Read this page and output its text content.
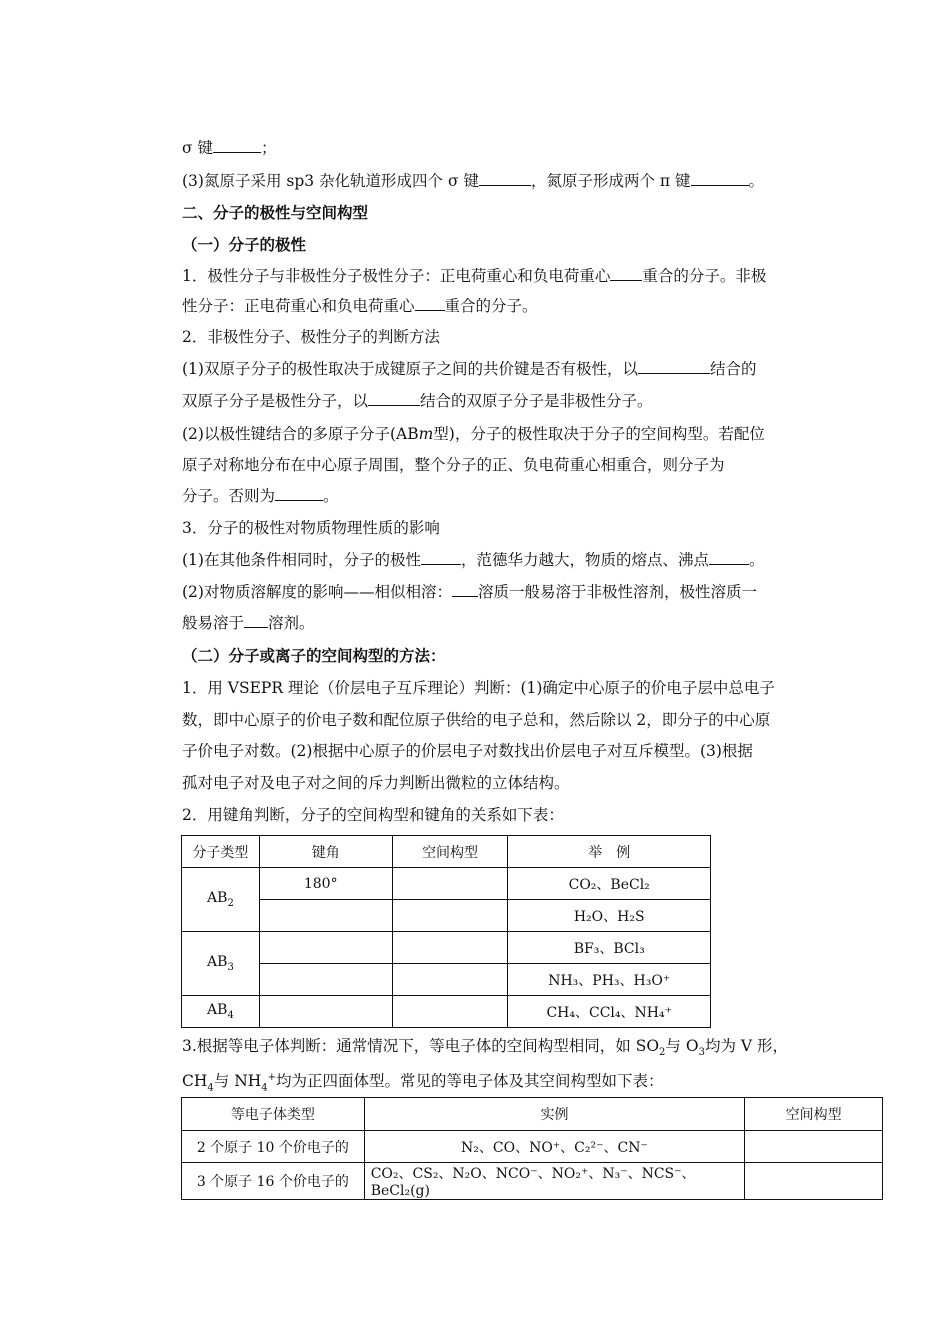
σ 键	；
(3)氮原子采用 sp3 杂化轨道形成四个 σ 键	，氮原子形成两个 π 键	。
二、分子的极性与空间构型
（一）分子的极性
1．极性分子与非极性分子极性分子：正电荷重心和负电荷重心 重合的分子。非极
性分子：正电荷重心和负电荷重心 重合的分子。
2．非极性分子、极性分子的判断方法
(1)双原子分子的极性取决于成键原子之间的共价键是否有极性，以	结合的
双原子分子是极性分子，以	结合的双原子分子是非极性分子。
(2)以极性键结合的多原子分子(ABm型)，分子的极性取决于分子的空间构型。若配位
原子对称地分布在中心原子周围，整个分子的正、负电荷重心相重合，则分子为
分子。否则为	。
3．分子的极性对物质物理性质的影响
(1)在其他条件相同时，分子的极性	，范德华力越大，物质的熔点、沸点	。
(2)对物质溶解度的影响——相似相溶： 溶质一般易溶于非极性溶剂，极性溶质一
般易溶于 溶剂。
（二）分子或离子的空间构型的方法：
1．用 VSEPR 理论（价层电子互斥理论）判断：(1)确定中心原子的价电子层中总电子
数，即中心原子的价电子数和配位原子供给的电子总和，然后除以 2，即分子的中心原
子价电子对数。(2)根据中心原子的价层电子对数找出价层电子对互斥模型。(3)根据
孤对电子对及电子对之间的斥力判断出微粒的立体结构。
2．用键角判断，分子的空间构型和键角的关系如下表：
分子类型	键角	空间构型	举　例
$AB_2$	180°		CO₂、BeCl₂
			H₂O、H₂S
$AB_3$			BF₃、BCl₃
			NH₃、PH₃、H₃O⁺
$AB_4$			CH₄、CCl₄、NH₄⁺
3.根据等电子体判断：通常情况下，等电子体的空间构型相同，如 $SO_2$与 $O_3$均为 V 形，
$CH_4$与 $NH_4^+$均为正四面体型。常见的等电子体及其空间构型如下表：
等电子体类型	实例	空间构型
2 个原子 10 个价电子的	N₂、CO、NO⁺、C₂²⁻、CN⁻	
3 个原子 16 个价电子的	CO₂、CS₂、N₂O、NCO⁻、NO₂⁺、N₃⁻、NCS⁻、BeCl₂(g)	
